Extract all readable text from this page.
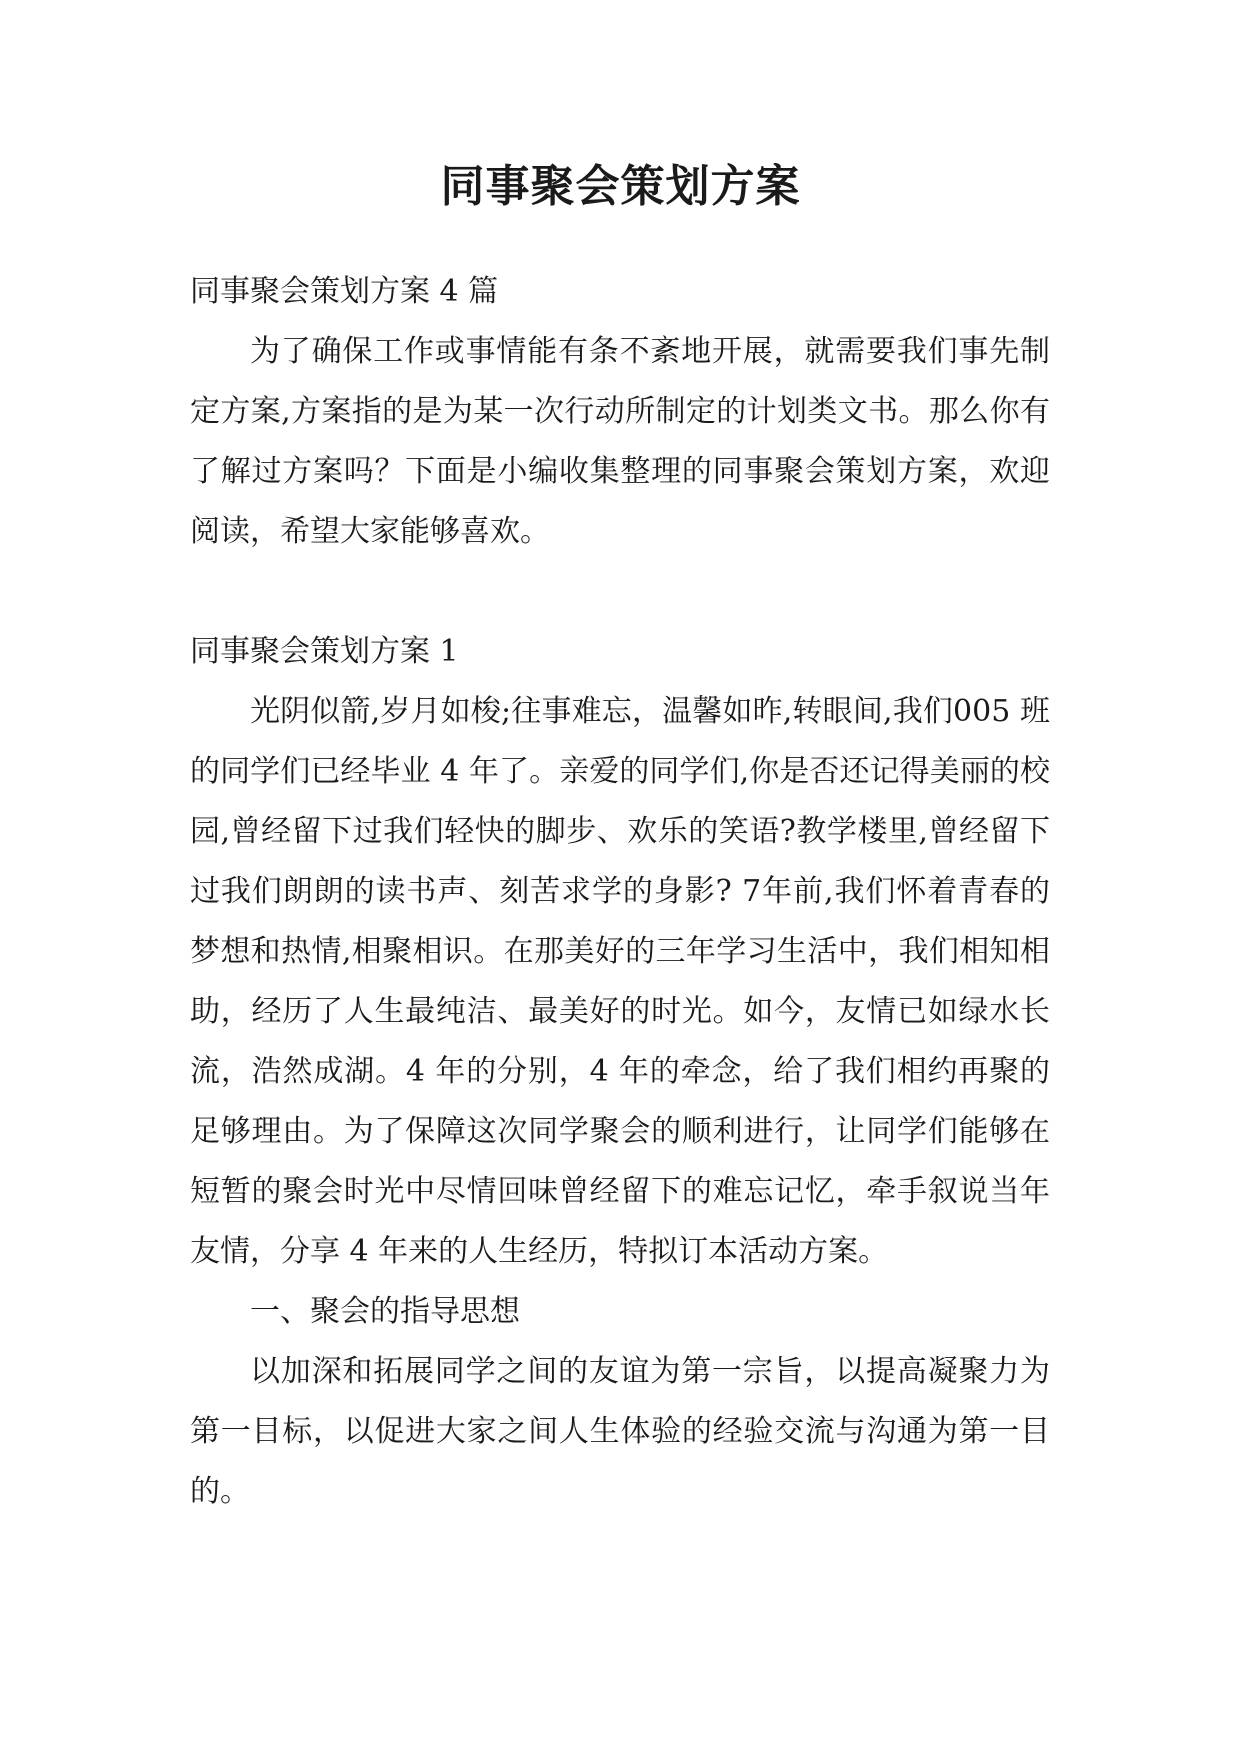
同事聚会策划方案

同事聚会策划方案 4 篇

为了确保工作或事情能有条不紊地开展，就需要我们事先制定方案,方案指的是为某一次行动所制定的计划类文书。那么你有了解过方案吗？下面是小编收集整理的同事聚会策划方案，欢迎阅读，希望大家能够喜欢。

同事聚会策划方案 1

光阴似箭,岁月如梭;往事难忘，温馨如昨,转眼间,我们005 班的同学们已经毕业 4 年了。亲爱的同学们,你是否还记得美丽的校园,曾经留下过我们轻快的脚步、欢乐的笑语?教学楼里,曾经留下过我们朗朗的读书声、刻苦求学的身影? 7年前,我们怀着青春的梦想和热情,相聚相识。在那美好的三年学习生活中，我们相知相助，经历了人生最纯洁、最美好的时光。如今，友情已如绿水长流，浩然成湖。4 年的分别，4 年的牵念，给了我们相约再聚的足够理由。为了保障这次同学聚会的顺利进行，让同学们能够在短暂的聚会时光中尽情回味曾经留下的难忘记忆，牵手叙说当年友情，分享 4 年来的人生经历，特拟订本活动方案。

一、聚会的指导思想

以加深和拓展同学之间的友谊为第一宗旨，以提高凝聚力为第一目标，以促进大家之间人生体验的经验交流与沟通为第一目的。
